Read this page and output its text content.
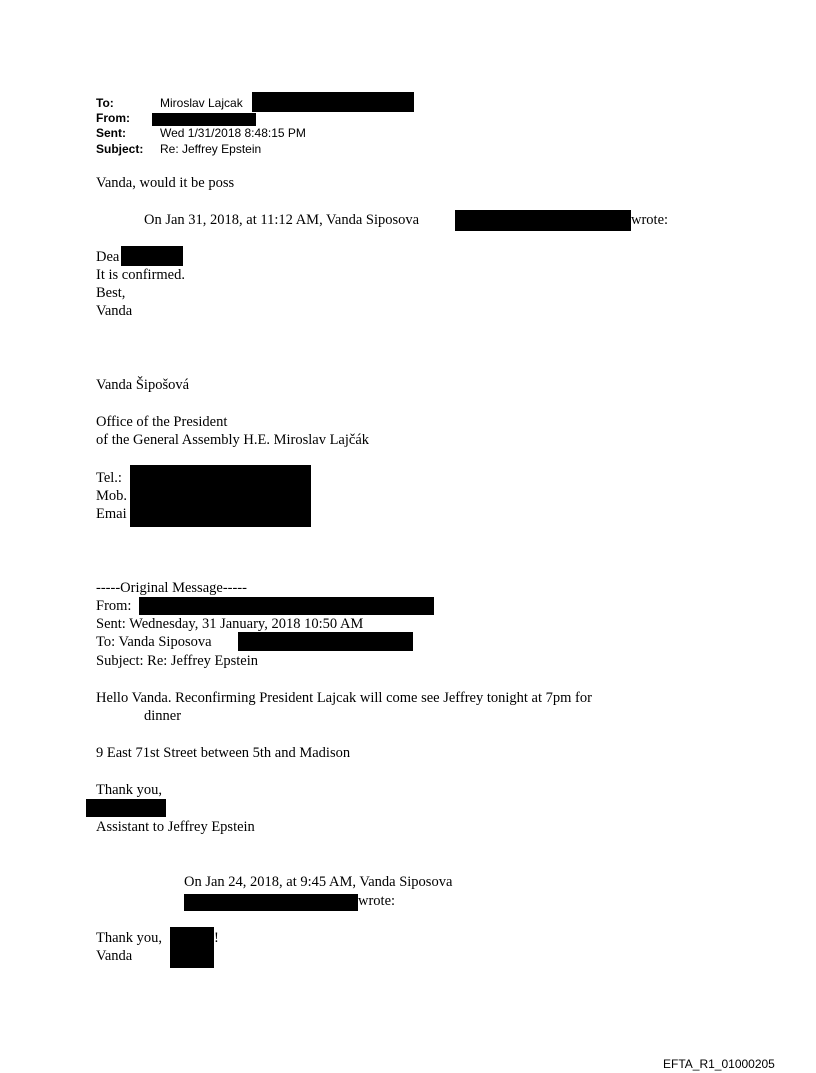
To:	Miroslav Lajcak
From:
Sent:	Wed 1/31/2018 8:48:15 PM
Subject: Re: Jeffrey Epstein
Vanda, would it be poss
On Jan 31, 2018, at 11:12 AM, Vanda Siposova	wrote:
Dea
It is confirmed.
Best,
Vanda
Vanda Šipošová
Office of the President
of the General Assembly H.E. Miroslav Lajčák
Tel.:
Mob.
Emai
-----Original Message-----
From:
Sent: Wednesday, 31 January, 2018 10:50 AM
To: Vanda Siposova
Subject: Re: Jeffrey Epstein
Hello Vanda. Reconfirming President Lajcak will come see Jeffrey tonight at 7pm for
dinner
9 East 71st Street between 5th and Madison
Thank you,
Assistant to Jeffrey Epstein
On Jan 24, 2018, at 9:45 AM, Vanda Siposova
wrote:
Thank you,	!
Vanda
EFTA_R1_01000205
